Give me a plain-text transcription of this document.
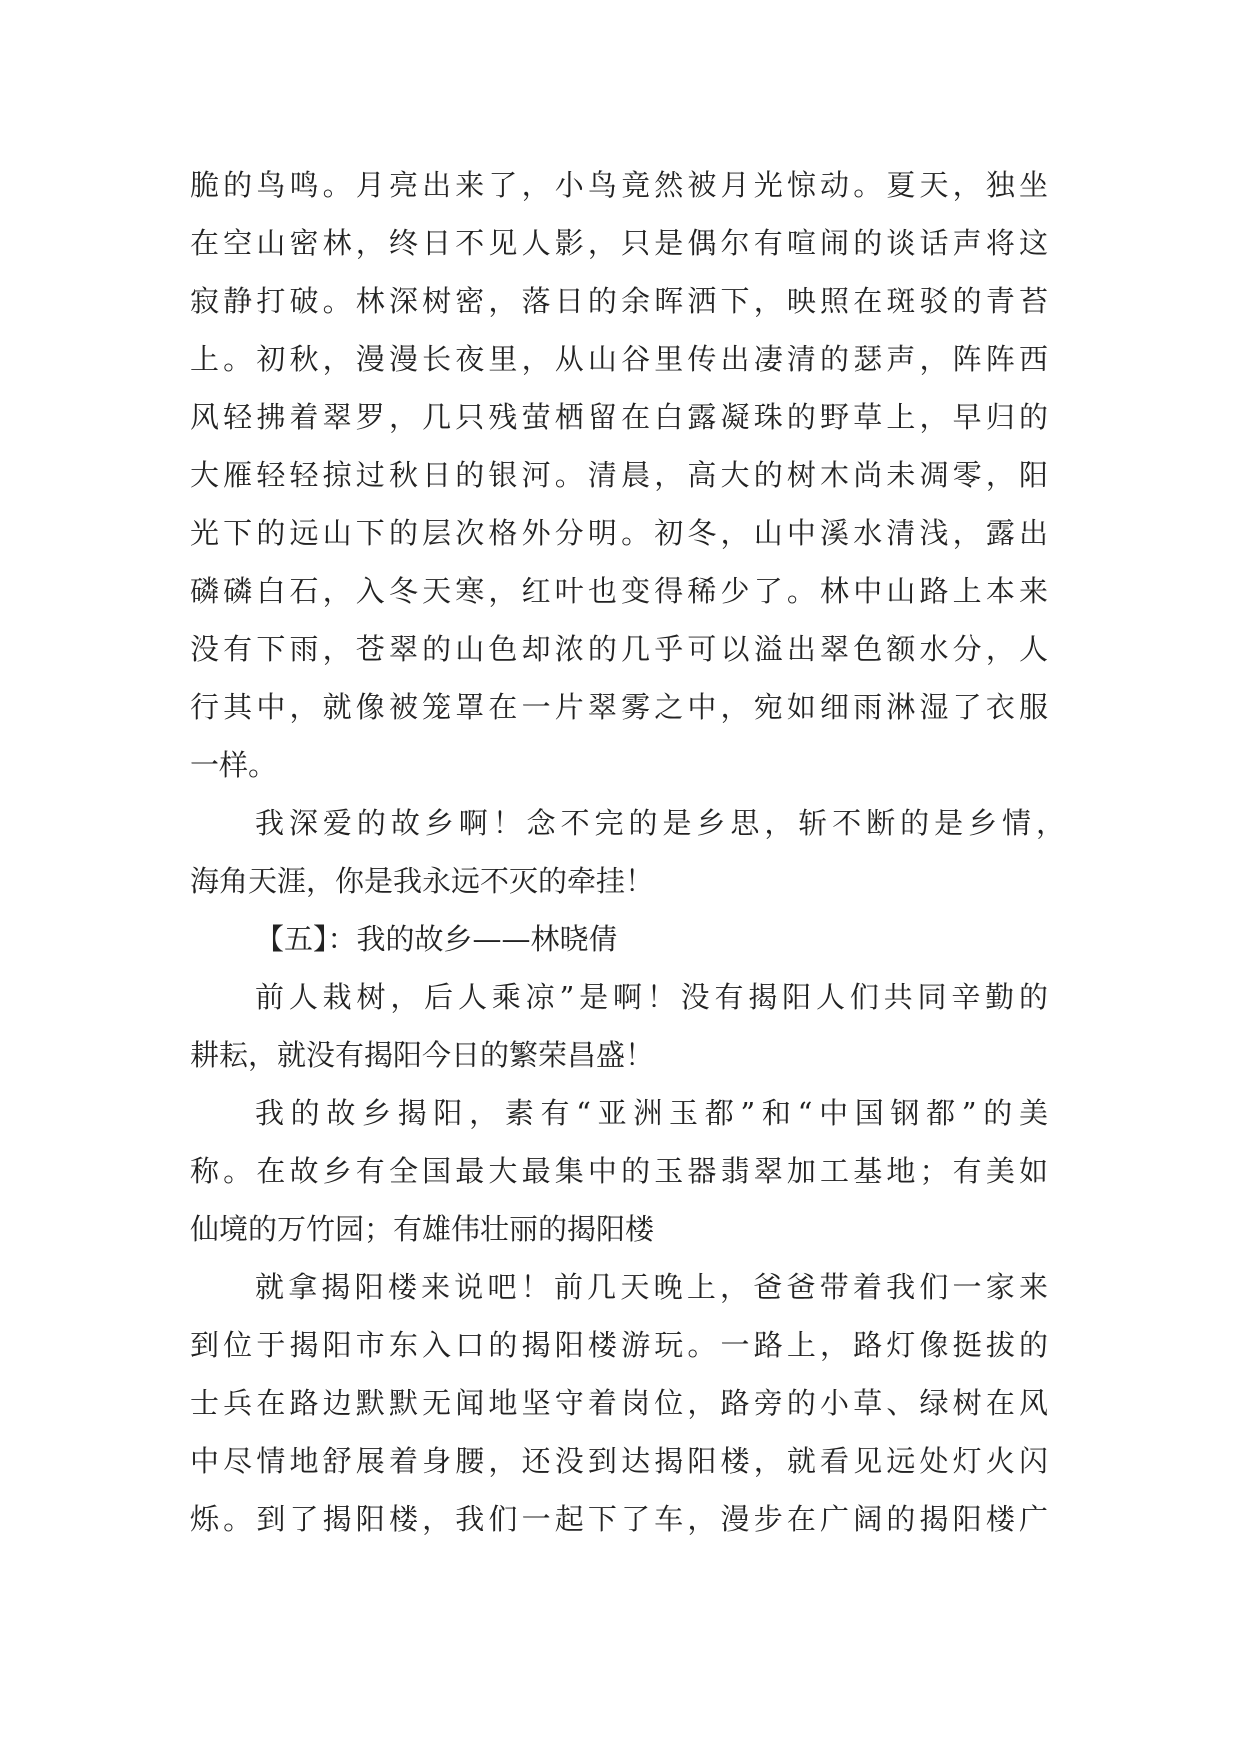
脆的鸟鸣。月亮出来了，小鸟竟然被月光惊动。夏天，独坐
在空山密林，终日不见人影，只是偶尔有喧闹的谈话声将这
寂静打破。林深树密，落日的余晖洒下，映照在斑驳的青苔
上。初秋，漫漫长夜里，从山谷里传出凄清的瑟声，阵阵西
风轻拂着翠罗，几只残萤栖留在白露凝珠的野草上，早归的
大雁轻轻掠过秋日的银河。清晨，高大的树木尚未凋零，阳
光下的远山下的层次格外分明。初冬，山中溪水清浅，露出
磷磷白石，入冬天寒，红叶也变得稀少了。林中山路上本来
没有下雨，苍翠的山色却浓的几乎可以溢出翠色额水分，人
行其中，就像被笼罩在一片翠雾之中，宛如细雨淋湿了衣服
一样。
我深爱的故乡啊！念不完的是乡思，斩不断的是乡情，
海角天涯，你是我永远不灭的牵挂！
【五】：我的故乡——林晓倩
前人栽树，后人乘凉”是啊！没有揭阳人们共同辛勤的
耕耘，就没有揭阳今日的繁荣昌盛！
我的故乡揭阳，素有“亚洲玉都”和“中国钢都”的美
称。在故乡有全国最大最集中的玉器翡翠加工基地；有美如
仙境的万竹园；有雄伟壮丽的揭阳楼
就拿揭阳楼来说吧！前几天晚上，爸爸带着我们一家来
到位于揭阳市东入口的揭阳楼游玩。一路上，路灯像挺拔的
士兵在路边默默无闻地坚守着岗位，路旁的小草、绿树在风
中尽情地舒展着身腰，还没到达揭阳楼，就看见远处灯火闪
烁。到了揭阳楼，我们一起下了车，漫步在广阔的揭阳楼广
